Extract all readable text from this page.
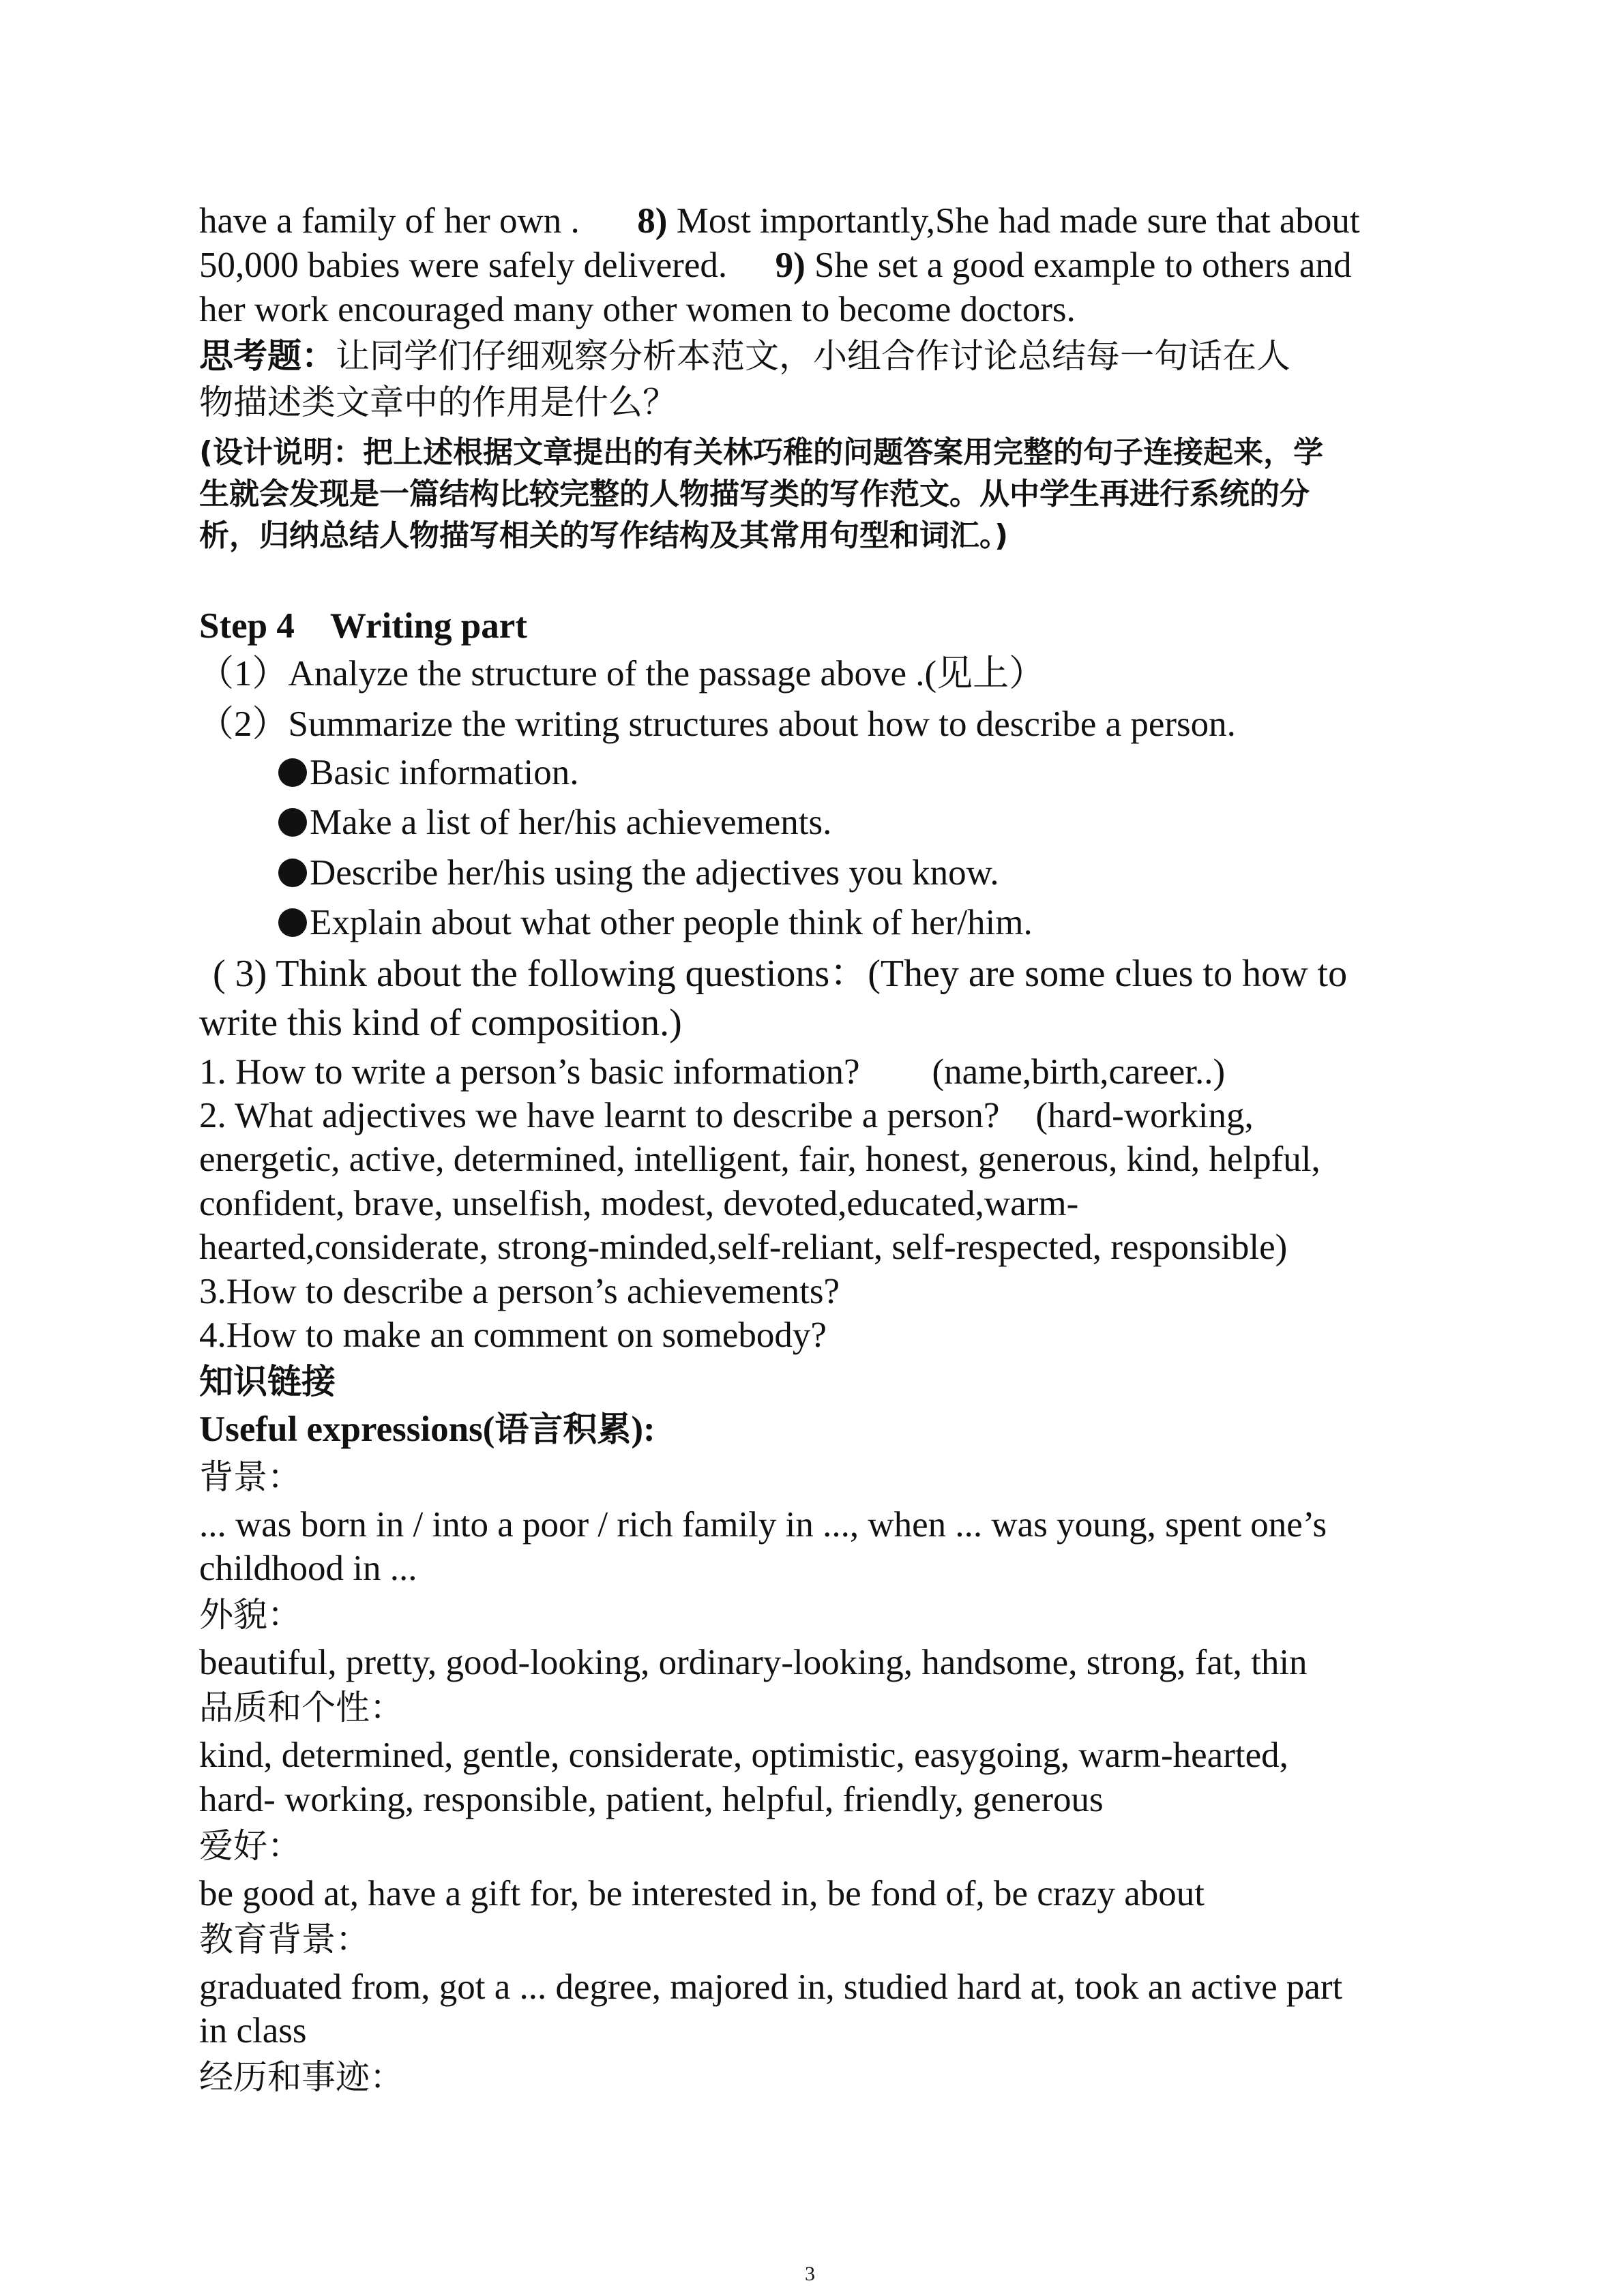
have a family of her own . 8) Most importantly,She had made sure that about
50,000 babies were safely delivered. 9) She set a good example to others and
her work encouraged many other women to become doctors.
思考题：让同学们仔细观察分析本范文，小组合作讨论总结每一句话在人
物描述类文章中的作用是什么？
(设计说明：把上述根据文章提出的有关林巧稚的问题答案用完整的句子连接起来，学
生就会发现是一篇结构比较完整的人物描写类的写作范文。从中学生再进行系统的分
析，归纳总结人物描写相关的写作结构及其常用句型和词汇。)
Step 4    Writing part
（1）Analyze the structure of the passage above .(见上）
（2）Summarize the writing structures about how to describe a person.
Basic information.
Make a list of her/his achievements.
Describe her/his using the adjectives you know.
Explain about what other people think of her/him.
( 3) Think about the following questions：(They are some clues to how to
write this kind of composition.)
1. How to write a person’s basic information?        (name,birth,career..)
2. What adjectives we have learnt to describe a person?    (hard-working,
energetic, active, determined, intelligent, fair, honest, generous, kind, helpful,
confident, brave, unselfish, modest, devoted,educated,warm-
hearted,considerate, strong-minded,self-reliant, self-respected, responsible)
3.How to describe a person’s achievements?
4.How to make an comment on somebody?
知识链接
Useful expressions(语言积累):
背景：
... was born in / into a poor / rich family in ..., when ... was young, spent one’s
childhood in ...
外貌：
beautiful, pretty, good-looking, ordinary-looking, handsome, strong, fat, thin
品质和个性：
kind, determined, gentle, considerate, optimistic, easygoing, warm-hearted,
hard- working, responsible, patient, helpful, friendly, generous
爱好：
be good at, have a gift for, be interested in, be fond of, be crazy about
教育背景：
graduated from, got a ... degree, majored in, studied hard at, took an active part
in class
经历和事迹：
3
